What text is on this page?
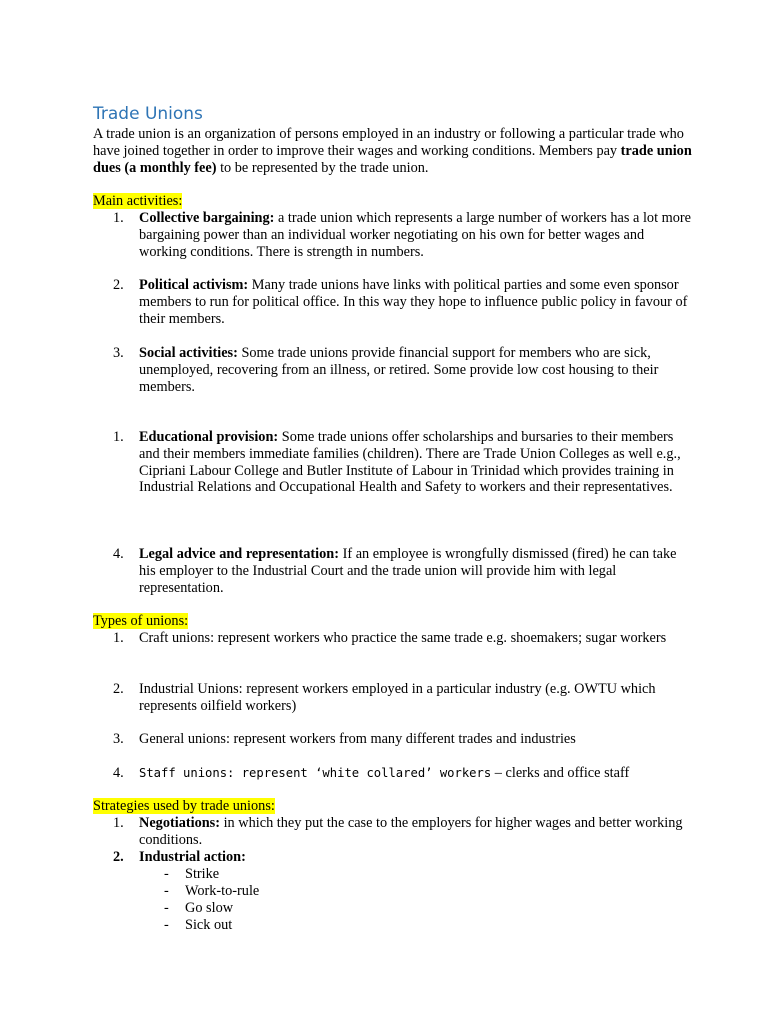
Trade Unions
A trade union is an organization of persons employed in an industry or following a particular trade who have joined together in order to improve their wages and working conditions. Members pay trade union dues (a monthly fee) to be represented by the trade union.
Main activities:
1.	Collective bargaining: a trade union which represents a large number of workers has a lot more bargaining power than an individual worker negotiating on his own for better wages and working conditions. There is strength in numbers.
2.	Political activism: Many trade unions have links with political parties and some even sponsor members to run for political office. In this way they hope to influence public policy in favour of their members.
3.	Social activities: Some trade unions provide financial support for members who are sick, unemployed, recovering from an illness, or retired. Some provide low cost housing to their members.
1.	Educational provision: Some trade unions offer scholarships and bursaries to their members and their members immediate families (children). There are Trade Union Colleges as well e.g., Cipriani Labour College and Butler Institute of Labour in Trinidad which provides training in Industrial Relations and Occupational Health and Safety to workers and their representatives.
4.	Legal advice and representation: If an employee is wrongfully dismissed (fired) he can take his employer to the Industrial Court and the trade union will provide him with legal representation.
Types of unions:
1.	Craft unions: represent workers who practice the same trade e.g. shoemakers; sugar workers
2.	Industrial Unions: represent workers employed in a particular industry (e.g. OWTU which represents oilfield workers)
3.	General unions: represent workers from many different trades and industries
4.	Staff unions: represent ‘white collared’ workers – clerks and office staff
Strategies used by trade unions:
1.	Negotiations: in which they put the case to the employers for higher wages and better working conditions.
2.	Industrial action:
- Strike
- Work-to-rule
- Go slow
- Sick out
